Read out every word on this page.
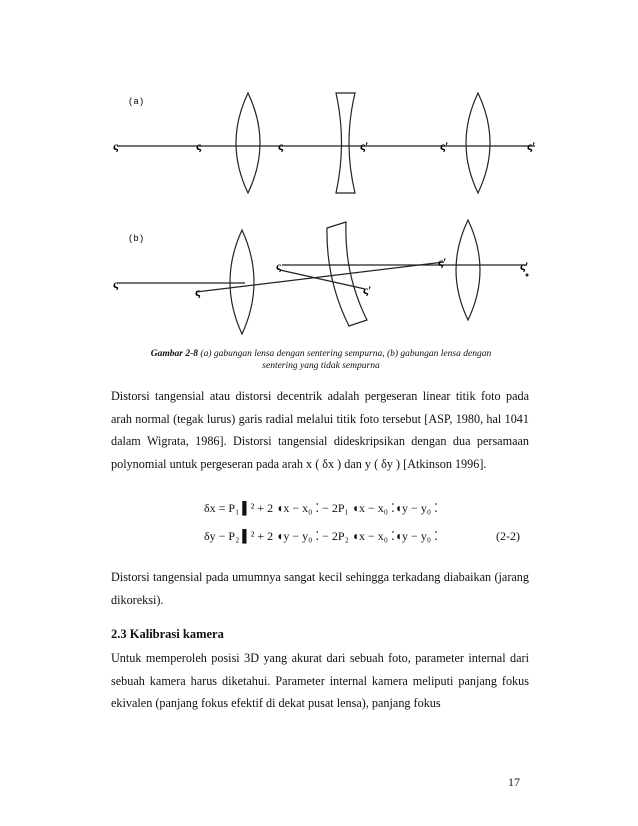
(a)
ς	ς	ς	ς′	ς′	ς′
(b)
ς
ς
ς
ς′
ς′	ς′
Gambar 2-8 (a) gabungan lensa dengan sentering sempurna, (b) gabungan lensa dengan
sentering yang tidak sempurna
Distorsi tangensial atau distorsi decentrik adalah pergeseran linear titik foto pada arah normal (tegak lurus) garis radial melalui titik foto tersebut [ASP, 1980, hal 1041 dalam Wigrata, 1986]. Distorsi tangensial dideskripsikan dengan dua persamaan polynomial untuk pergeseran pada arah x ( δx ) dan y ( δy ) [Atkinson 1996].
δx = P₁ ▌² + 2 ◖x − x₀ ⁚ − 2P₁ ◖x − x₀ ⁚◖y − y₀ ⁚
δy − P₂ ▌² + 2 ◖y − y₀ ⁚ − 2P₂ ◖x − x₀ ⁚◖y − y₀ ⁚	(2-2)
Distorsi tangensial pada umumnya sangat kecil sehingga terkadang diabaikan (jarang dikoreksi).
2.3 Kalibrasi kamera
Untuk memperoleh posisi 3D yang akurat dari sebuah foto, parameter internal dari sebuah kamera harus diketahui. Parameter internal kamera meliputi panjang fokus ekivalen (panjang fokus efektif di dekat pusat lensa), panjang fokus
17
